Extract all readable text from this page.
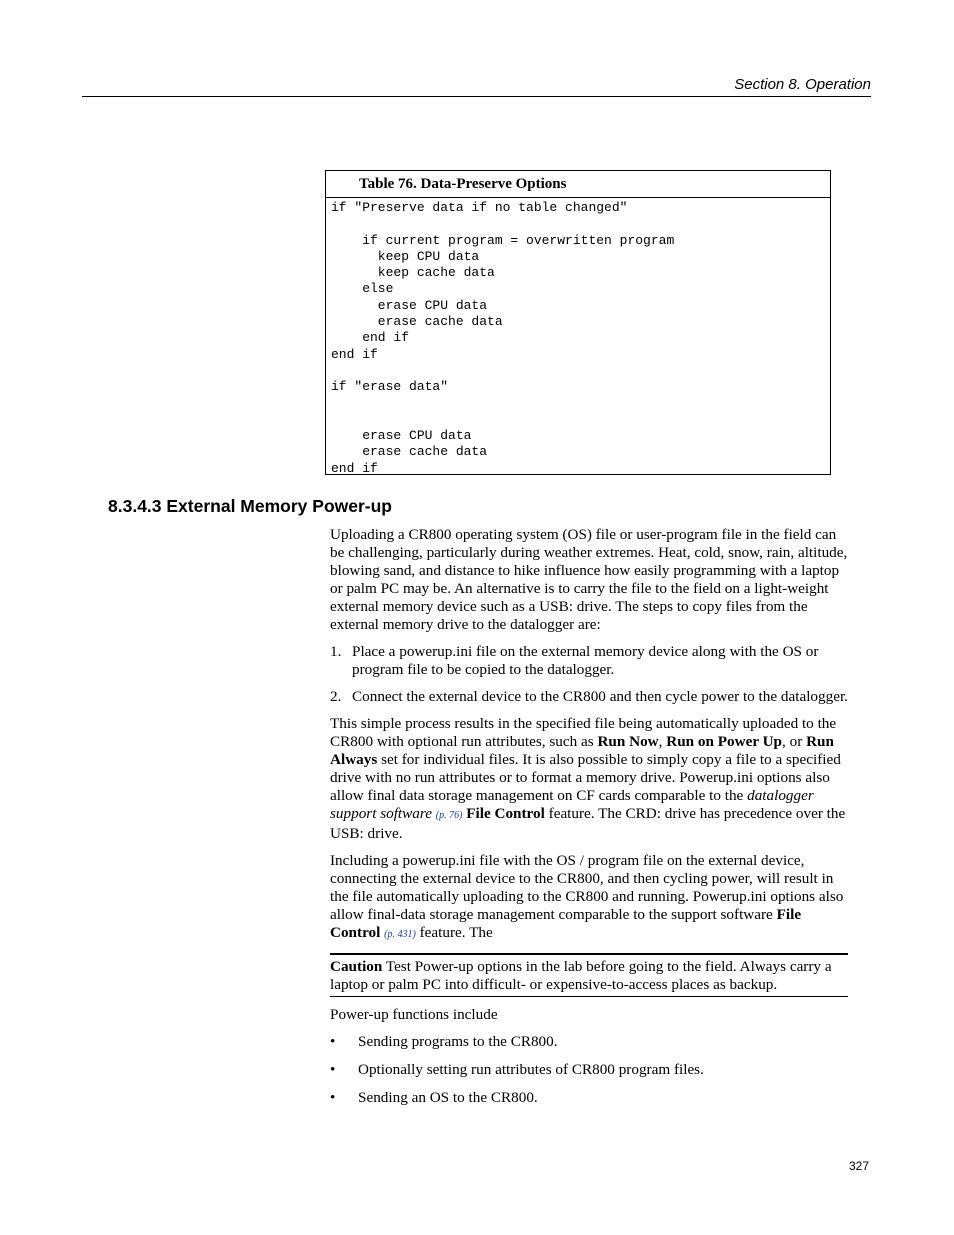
Section 8. Operation
Table 76. Data-Preserve Options
if "Preserve data if no table changed"

if current program = overwritten program
keep CPU data
keep cache data
else
erase CPU data
erase cache data
end if
end if

if "erase data"

erase CPU data
erase cache data
end if
8.3.4.3 External Memory Power-up

Uploading a CR800 operating system (OS) file or user-program file in the field can be challenging, particularly during weather extremes. Heat, cold, snow, rain, altitude, blowing sand, and distance to hike influence how easily programming with a laptop or palm PC may be. An alternative is to carry the file to the field on a light-weight external memory device such as a USB: drive. The steps to copy files from the external memory drive to the datalogger are:

1. Place a powerup.ini file on the external memory device along with the OS or program file to be copied to the datalogger.
2. Connect the external device to the CR800 and then cycle power to the datalogger.

This simple process results in the specified file being automatically uploaded to the CR800 with optional run attributes, such as Run Now, Run on Power Up, or Run Always set for individual files. It is also possible to simply copy a file to a specified drive with no run attributes or to format a memory drive. Powerup.ini options also allow final data storage management on CF cards comparable to the datalogger support software (p. 76) File Control feature. The CRD: drive has precedence over the USB: drive.

Including a powerup.ini file with the OS / program file on the external device, connecting the external device to the CR800, and then cycling power, will result in the file automatically uploading to the CR800 and running. Powerup.ini options also allow final-data storage management comparable to the support software File Control (p. 431) feature. The

Caution Test Power-up options in the lab before going to the field. Always carry a laptop or palm PC into difficult- or expensive-to-access places as backup.

Power-up functions include

•	Sending programs to the CR800.
•	Optionally setting run attributes of CR800 program files.
•	Sending an OS to the CR800.
327
